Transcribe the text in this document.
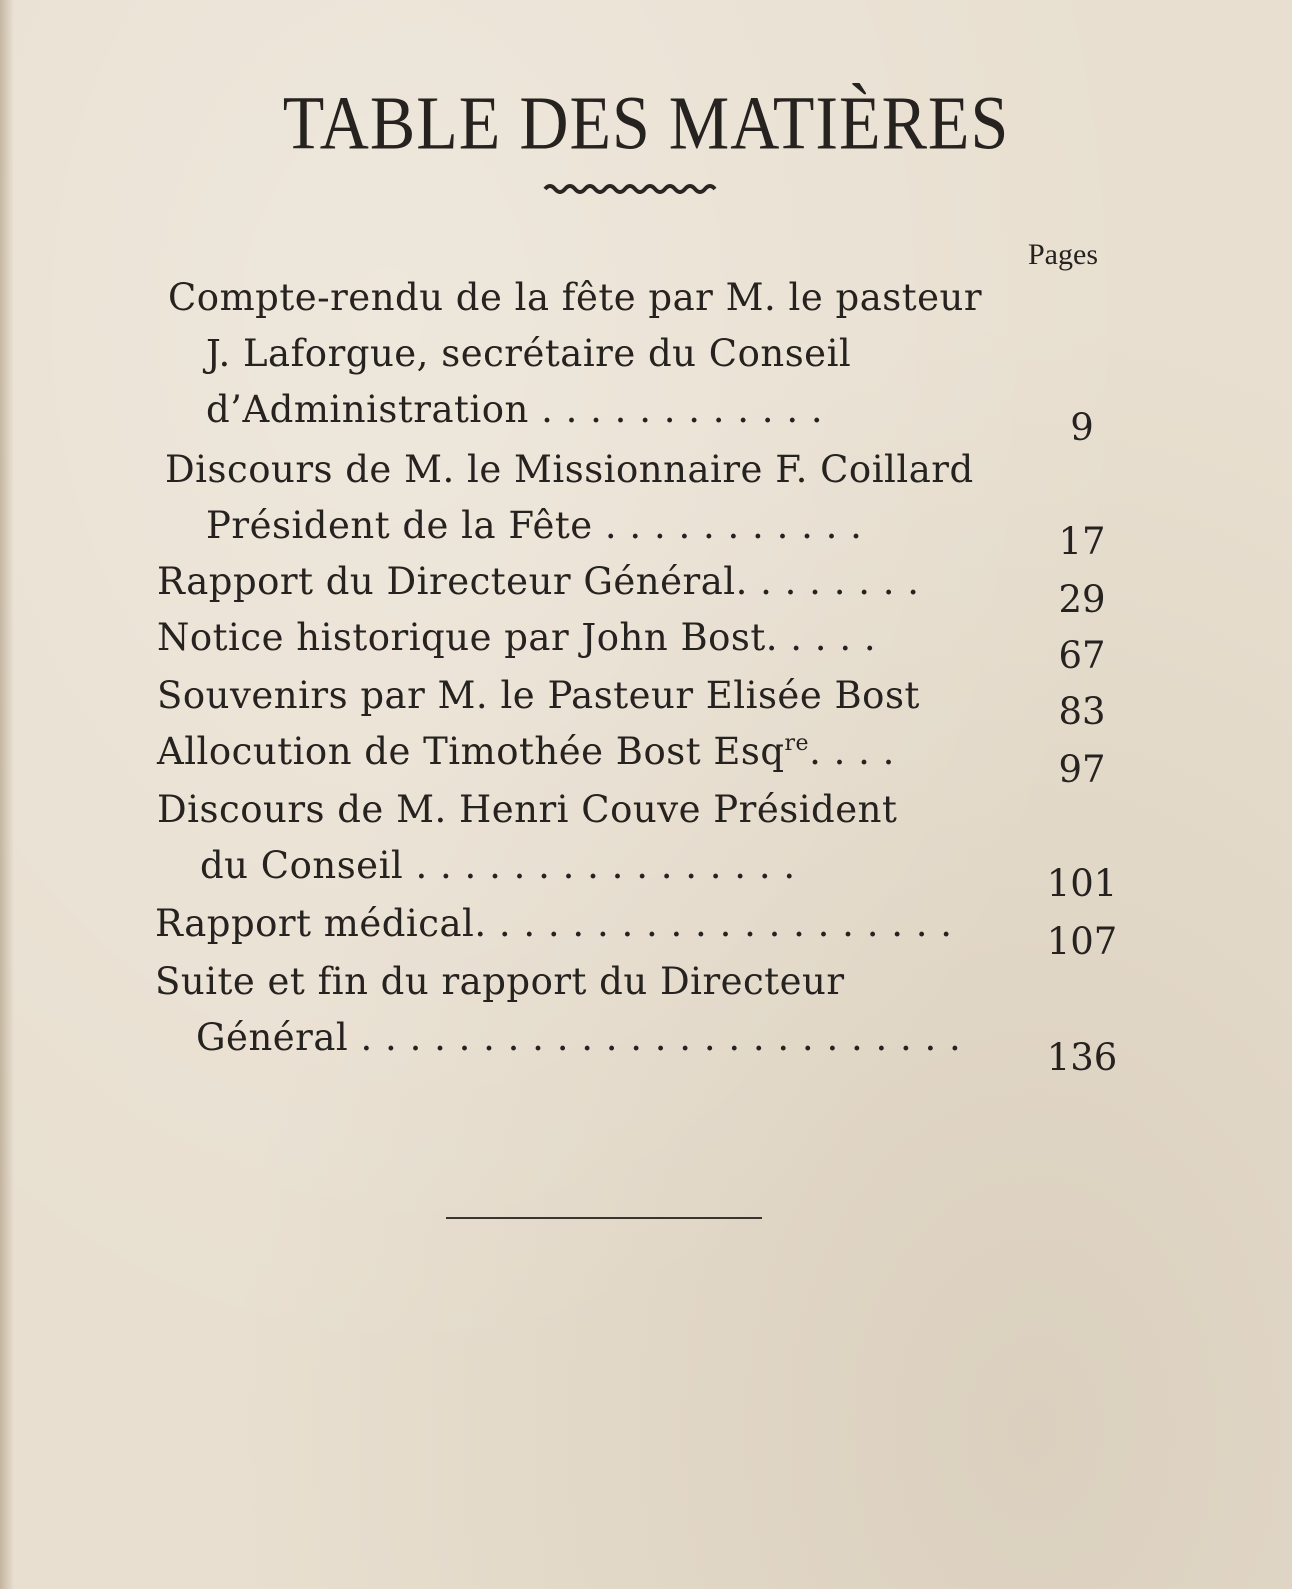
TABLE DES MATIÈRES
Pages
Compte-rendu de la fête par M. le pasteur
J. Laforgue, secrétaire du Conseil
d’Administration . . . . . . . . . . . .	9
Discours de M. le Missionnaire F. Coillard
Président de la Fête . . . . . . . . . . .	17
Rapport du Directeur Général. . . . . . . .	29
Notice historique par John Bost. . . . .	67
Souvenirs par M. le Pasteur Elisée Bost	83
Allocution de Timothée Bost Esq$^{re}$. . . .	97
Discours de M. Henri Couve Président
du Conseil . . . . . . . . . . . . . . . .	101
Rapport médical. . . . . . . . . . . . . . . . . . . .	107
Suite et fin du rapport du Directeur
Général . . . . . . . . . . . . . . . . . . . . . . . . . 136
